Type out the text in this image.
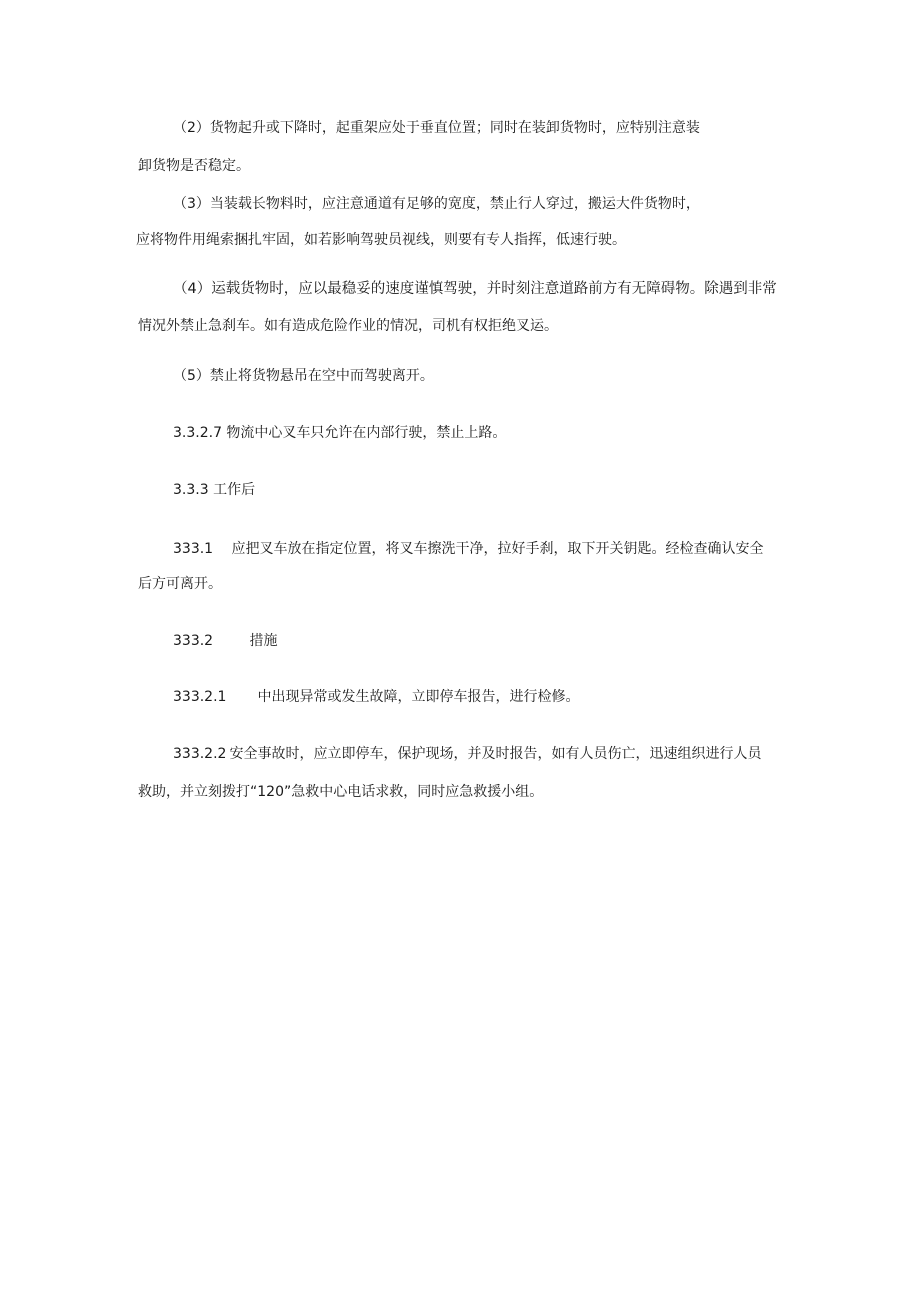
（2）货物起升或下降时，起重架应处于垂直位置；同时在装卸货物时，应特别注意装

卸货物是否稳定。

（3）当装载长物料时，应注意通道有足够的宽度，禁止行人穿过，搬运大件货物时，

应将物件用绳索捆扎牢固，如若影响驾驶员视线，则要有专人指挥，低速行驶。

（4）运载货物时，应以最稳妥的速度谨慎驾驶，并时刻注意道路前方有无障碍物。除遇到非常

情况外禁止急刹车。如有造成危险作业的情况，司机有权拒绝叉运。

（5）禁止将货物悬吊在空中而驾驶离开。

3.3.2.7 物流中心叉车只允许在内部行驶，禁止上路。

3.3.3 工作后

333.1 应把叉车放在指定位置，将叉车擦洗干净，拉好手刹，取下开关钥匙。经检查确认安全

后方可离开。

333.2	措施

333.2.1 中出现异常或发生故障，立即停车报告，进行检修。

333.2.2 安全事故时，应立即停车，保护现场，并及时报告，如有人员伤亡，迅速组织进行人员

救助，并立刻拨打“120”急救中心电话求救，同时应急救援小组。
